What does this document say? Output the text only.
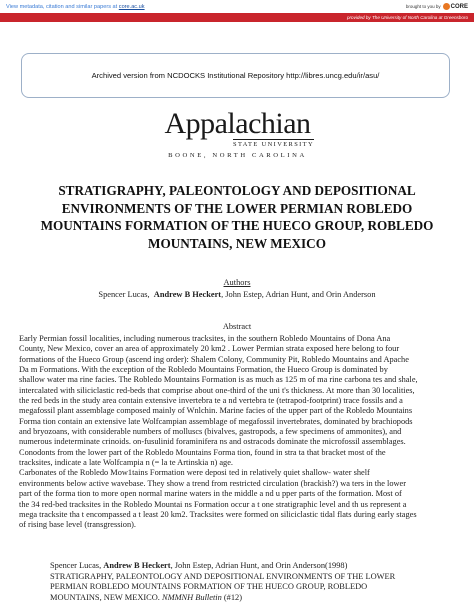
View metadata, citation and similar papers at core.ac.uk	brought to you by CORE
provided by The University of North Carolina at Greensboro
Archived version from NCDOCKS Institutional Repository http://libres.uncg.edu/ir/asu/
Appalachian
STATE UNIVERSITY
BOONE, NORTH CAROLINA
STRATIGRAPHY, PALEONTOLOGY AND DEPOSITIONAL ENVIRONMENTS OF THE LOWER PERMIAN ROBLEDO MOUNTAINS FORMATION OF THE HUECO GROUP, ROBLEDO MOUNTAINS, NEW MEXICO
Authors
Spencer Lucas, Andrew B Heckert, John Estep, Adrian Hunt, and Orin Anderson
Abstract

Early Permian fossil localities, including numerous tracksites, in the southern Robledo Mountains of Dona Ana

County, New Mexico, cover an area of approximately 20 km2 . Lower Permian strata exposed here belong to four

formations of the Hueco Group (ascend ing order): Shalem Colony, Community Pit, Robledo Mountains and Apache

Da m Formations. With the exception of the Robledo Mountains Formation, the Hueco Group is dominated by

shallow water ma rine facies. The Robledo Mountains Formation is as much as 125 m of ma rine carbona tes and shale,

intercalated with siliciclastic red-beds that comprise about one-third of the uni t's thickness. At more than 30 localities,

the red beds in the study area contain extensive invertebra te a nd vertebra te (tetrapod-footprint) trace fossils and a

megafossil plant assemblage composed mainly of Wnlchin. Marine facies of the upper part of the Robledo Mountains

Forma tion contain an extensive late Wolfcampian assemblage of megafossil invertebrates, dominated by brachiopods

and bryozoans, with considerable numbers of molluscs (bivalves, gastropods, a few specimens of ammonites), and

numerous indeterminate crinoids. on-fusulinid foraminifera ns and ostracods dominate the microfossil assemblages.

Conodonts from the lower part of the Robledo Mountains Forma tion, found in stra ta that bracket most of the

tracksites, indicate a late Wolfcampia n (= la te Artinskia n) age.

Carbonates of the Robledo Mow1tains Formation were deposi ted in relatively quiet shallow- water shelf

environments below active wavebase. They show a trend from restricted circulation (brackish?) wa ters in the lower

part of the forma tion to more open normal marine waters in the middle a nd u pper parts of the formation. Most of

the 34 red-bed tracksites in the Robledo Mountai ns Formation occur a t one stratigraphic level and th us represent a

mega tracksite tha t encompassed a t least 20 km2. Tracksites were formed on siliciclastic tidal flats during early stages

of rising base level (transgression).

Spencer Lucas, Andrew B Heckert, John Estep, Adrian Hunt, and Orin Anderson(1998)
STRATIGRAPHY, PALEONTOLOGY AND DEPOSITIONAL ENVIRONMENTS OF THE LOWER
PERMIAN ROBLEDO MOUNTAINS FORMATION OF THE HUECO GROUP, ROBLEDO
MOUNTAINS, NEW MEXICO. NMMNH Bulletin (#12)
